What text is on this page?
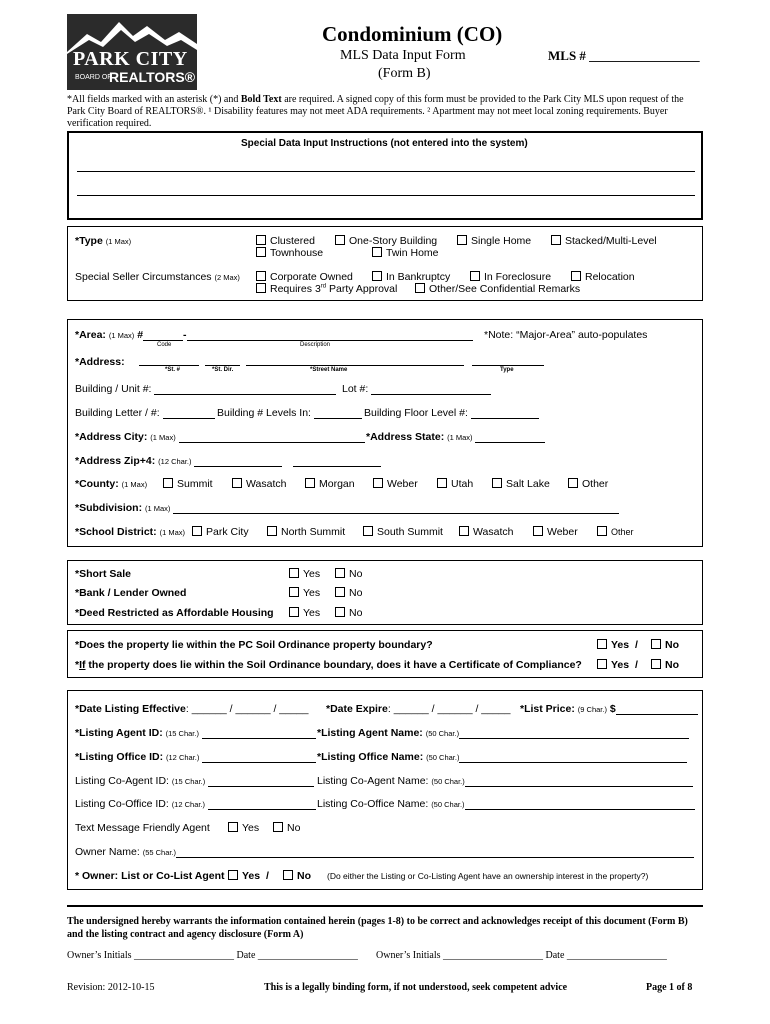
PARK CITY
BOARD OF
REALTORS®
Condominium (CO)
MLS Data Input Form
(Form B)
MLS # _________________
*All fields marked with an asterisk (*) and Bold Text are required. A signed copy of this form must be provided to the Park City MLS upon request of the
Park City Board of REALTORS®. ¹ Disability features may not meet ADA requirements. ² Apartment may not meet local zoning requirements. Buyer
verification required.
Special Data Input Instructions (not entered into the system)
*Type (1 Max)	Clustered	One-Story Building	Single Home	Stacked/Multi-Level
Townhouse	Twin Home
Special Seller Circumstances (2 Max)	Corporate Owned	In Bankruptcy	In Foreclosure	Relocation
Requires 3rd Party Approval	Other/See Confidential Remarks
*Area: (1 Max) #	-	*Note: “Major-Area” auto-populates
Code	Description
*Address:
*St. #	*St. Dir.	*Street Name	Type
Building / Unit #:	Lot #:
Building Letter / #:	Building # Levels In:	Building Floor Level #:
*Address City: (1 Max)	*Address State: (1 Max)
*Address Zip+4: (12 Char.)
*County: (1 Max)	Summit	Wasatch	Morgan	Weber	Utah	Salt Lake	Other
*Subdivision: (1 Max)
*School District: (1 Max)	Park City	North Summit	South Summit	Wasatch	Weber	Other
*Short Sale	Yes	No
*Bank / Lender Owned	Yes	No
*Deed Restricted as Affordable Housing	Yes	No
*Does the property lie within the PC Soil Ordinance property boundary?	Yes /	No
*If the property does lie within the Soil Ordinance boundary, does it have a Certificate of Compliance?	Yes /	No
*Date Listing Effective: ______ / ______ / _____ *Date Expire: ______ / ______ / _____ *List Price: (9 Char.) $
*Listing Agent ID: (15 Char.)	*Listing Agent Name: (50 Char.)
*Listing Office ID: (12 Char.)	*Listing Office Name: (50 Char.)
Listing Co-Agent ID: (15 Char.)	Listing Co-Agent Name: (50 Char.)
Listing Co-Office ID: (12 Char.)	Listing Co-Office Name: (50 Char.)
Text Message Friendly Agent	Yes	No
Owner Name: (55 Char.)
* Owner: List or Co-List Agent	Yes /	No (Do either the Listing or Co-Listing Agent have an ownership interest in the property?)
The undersigned hereby warrants the information contained herein (pages 1-8) to be correct and acknowledges receipt of this document (Form B)
and the listing contract and agency disclosure (Form A)
Owner’s Initials ____________________ Date ____________________ Owner’s Initials ____________________ Date ____________________
Revision: 2012-10-15	This is a legally binding form, if not understood, seek competent advice	Page 1 of 8
